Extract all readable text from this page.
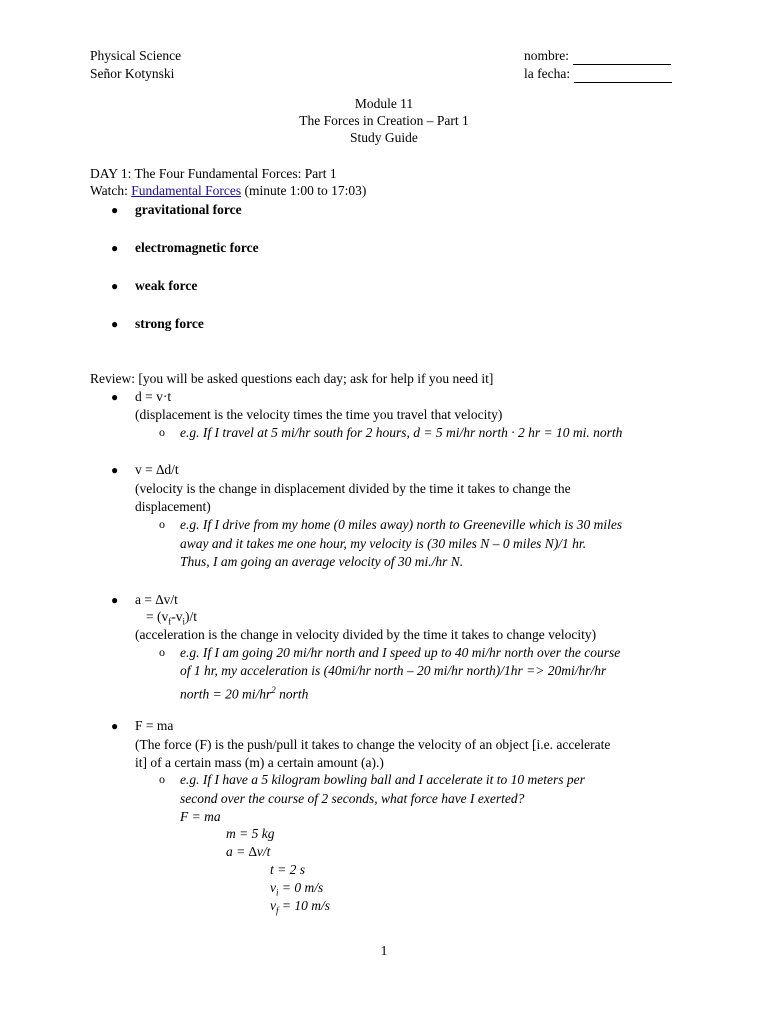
Physical Science
Señor Kotynski
nombre:
la fecha:
Module 11
The Forces in Creation – Part 1
Study Guide
DAY 1: The Four Fundamental Forces: Part 1
Watch: Fundamental Forces (minute 1:00 to 17:03)
● gravitational force
● electromagnetic force
● weak force
● strong force
Review: [you will be asked questions each day; ask for help if you need it]
● d = v·t
(displacement is the velocity times the time you travel that velocity)
o e.g. If I travel at 5 mi/hr south for 2 hours, d = 5 mi/hr north · 2 hr = 10 mi. north
● v = ∆d/t
(velocity is the change in displacement divided by the time it takes to change the
displacement)
o e.g. If I drive from my home (0 miles away) north to Greeneville which is 30 miles
away and it takes me one hour, my velocity is (30 miles N – 0 miles N)/1 hr.
Thus, I am going an average velocity of 30 mi./hr N.
● a = ∆v/t
= $(v_f-v_i)/t$
(acceleration is the change in velocity divided by the time it takes to change velocity)
o e.g. If I am going 20 mi/hr north and I speed up to 40 mi/hr north over the course
of 1 hr, my acceleration is (40mi/hr north – 20 mi/hr north)/1hr => 20mi/hr/hr
north = 20 $mi/hr^2$ north
● F = ma
(The force (F) is the push/pull it takes to change the velocity of an object [i.e. accelerate
it] of a certain mass (m) a certain amount (a).)
o e.g. If I have a 5 kilogram bowling ball and I accelerate it to 10 meters per
second over the course of 2 seconds, what force have I exerted?
F = ma
m = 5 kg
a = ∆v/t
t = 2 s
$v_i = 0$ m/s
$v_f = 10$ m/s
1
